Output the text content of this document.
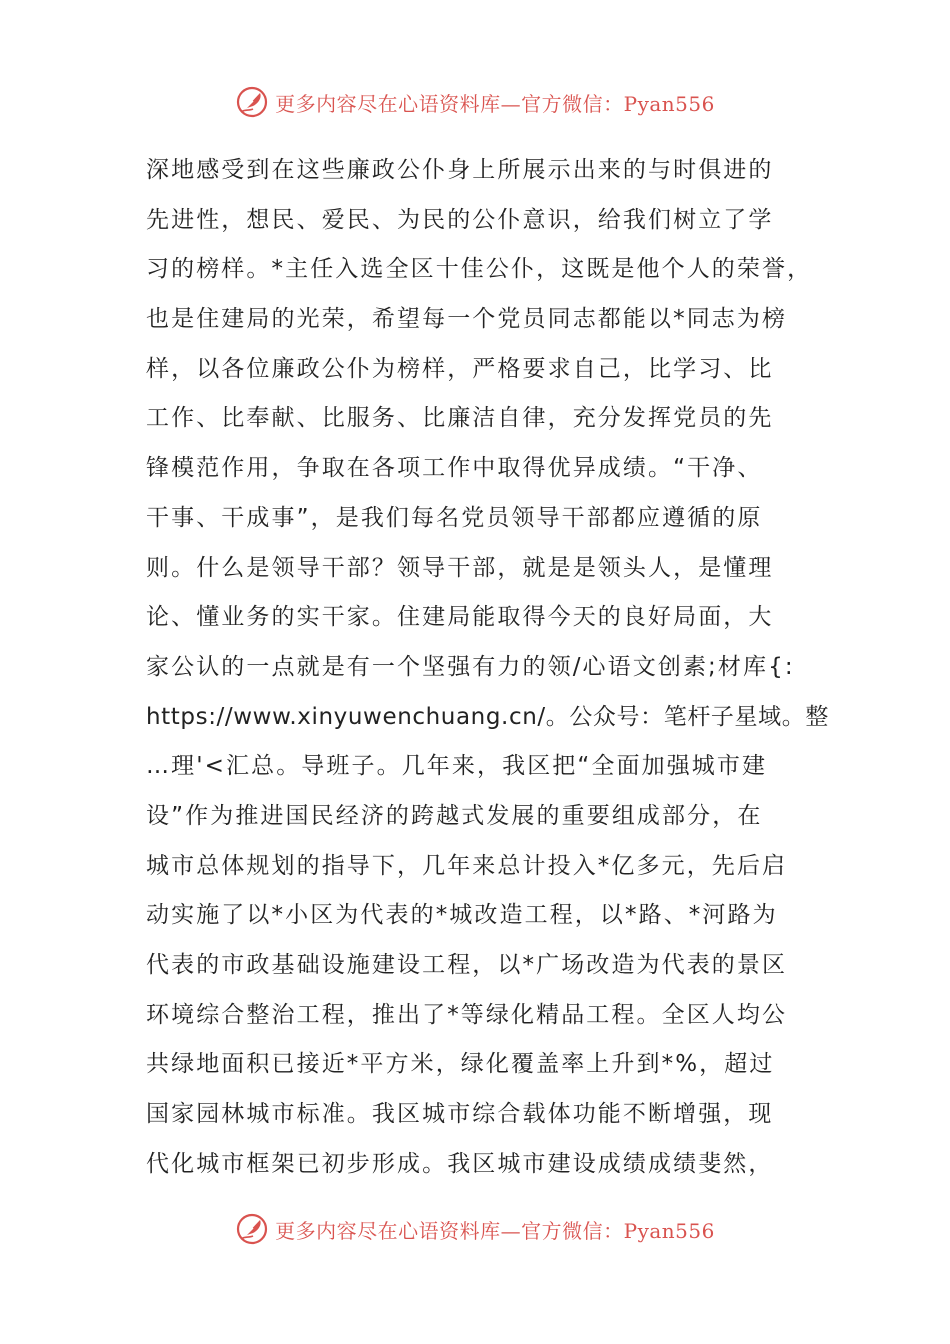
更多内容尽在心语资料库—官方微信：Pyan556
深地感受到在这些廉政公仆身上所展示出来的与时俱进的
先进性，想民、爱民、为民的公仆意识，给我们树立了学
习的榜样。*主任入选全区十佳公仆，这既是他个人的荣誉，
也是住建局的光荣，希望每一个党员同志都能以*同志为榜
样，以各位廉政公仆为榜样，严格要求自己，比学习、比
工作、比奉献、比服务、比廉洁自律，充分发挥党员的先
锋模范作用，争取在各项工作中取得优异成绩。“干净、
干事、干成事”，是我们每名党员领导干部都应遵循的原
则。什么是领导干部？领导干部，就是是领头人，是懂理
论、懂业务的实干家。住建局能取得今天的良好局面，大
家公认的一点就是有一个坚强有力的领/心语文创素;材库{:
https://www.xinyuwenchuang.cn/。公众号：笔杆子星域。整
…理'<汇总。导班子。几年来，我区把“全面加强城市建
设”作为推进国民经济的跨越式发展的重要组成部分，在
城市总体规划的指导下，几年来总计投入*亿多元，先后启
动实施了以*小区为代表的*城改造工程，以*路、*河路为
代表的市政基础设施建设工程，以*广场改造为代表的景区
环境综合整治工程，推出了*等绿化精品工程。全区人均公
共绿地面积已接近*平方米，绿化覆盖率上升到*%，超过
国家园林城市标准。我区城市综合载体功能不断增强，现
代化城市框架已初步形成。我区城市建设成绩成绩斐然，
更多内容尽在心语资料库—官方微信：Pyan556
